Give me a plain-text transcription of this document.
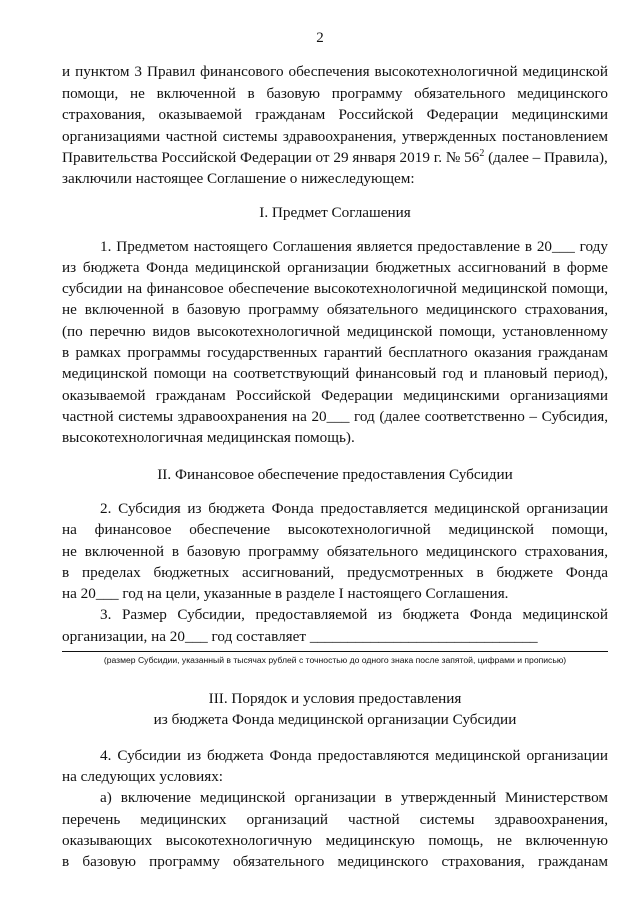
2
и пунктом 3 Правил финансового обеспечения высокотехнологичной медицинской
помощи, не включенной в базовую программу обязательного медицинского
страхования, оказываемой гражданам Российской Федерации медицинскими
организациями частной системы здравоохранения, утвержденных постановлением
Правительства Российской Федерации от 29 января 2019 г. № $56^2$ (далее – Правила),
заключили настоящее Соглашение о нижеследующем:
I. Предмет Соглашения
1. Предметом настоящего Соглашения является предоставление в 20___ году
из бюджета Фонда медицинской организации бюджетных ассигнований в форме
субсидии на финансовое обеспечение высокотехнологичной медицинской помощи,
не включенной в базовую программу обязательного медицинского страхования,
(по перечню видов высокотехнологичной медицинской помощи, установленному
в рамках программы государственных гарантий бесплатного оказания гражданам
медицинской помощи на соответствующий финансовый год и плановый период),
оказываемой гражданам Российской Федерации медицинскими организациями
частной системы здравоохранения на 20___ год (далее соответственно – Субсидия,
высокотехнологичная медицинская помощь).
II. Финансовое обеспечение предоставления Субсидии
2. Субсидия из бюджета Фонда предоставляется медицинской организации
на финансовое обеспечение высокотехнологичной медицинской помощи,
не включенной в базовую программу обязательного медицинского страхования,
в пределах бюджетных ассигнований, предусмотренных в бюджете Фонда
на 20___ год на цели, указанные в разделе I настоящего Соглашения.
3. Размер Субсидии, предоставляемой из бюджета Фонда медицинской
организации, на 20___ год составляет ______________________________
(размер Субсидии, указанный в тысячах рублей с точностью до одного знака после запятой, цифрами и прописью)
III. Порядок и условия предоставления
из бюджета Фонда медицинской организации Субсидии
4. Субсидии из бюджета Фонда предоставляются медицинской организации
на следующих условиях:
а) включение медицинской организации в утвержденный Министерством
перечень медицинских организаций частной системы здравоохранения,
оказывающих высокотехнологичную медицинскую помощь, не включенную
в базовую программу обязательного медицинского страхования, гражданам
